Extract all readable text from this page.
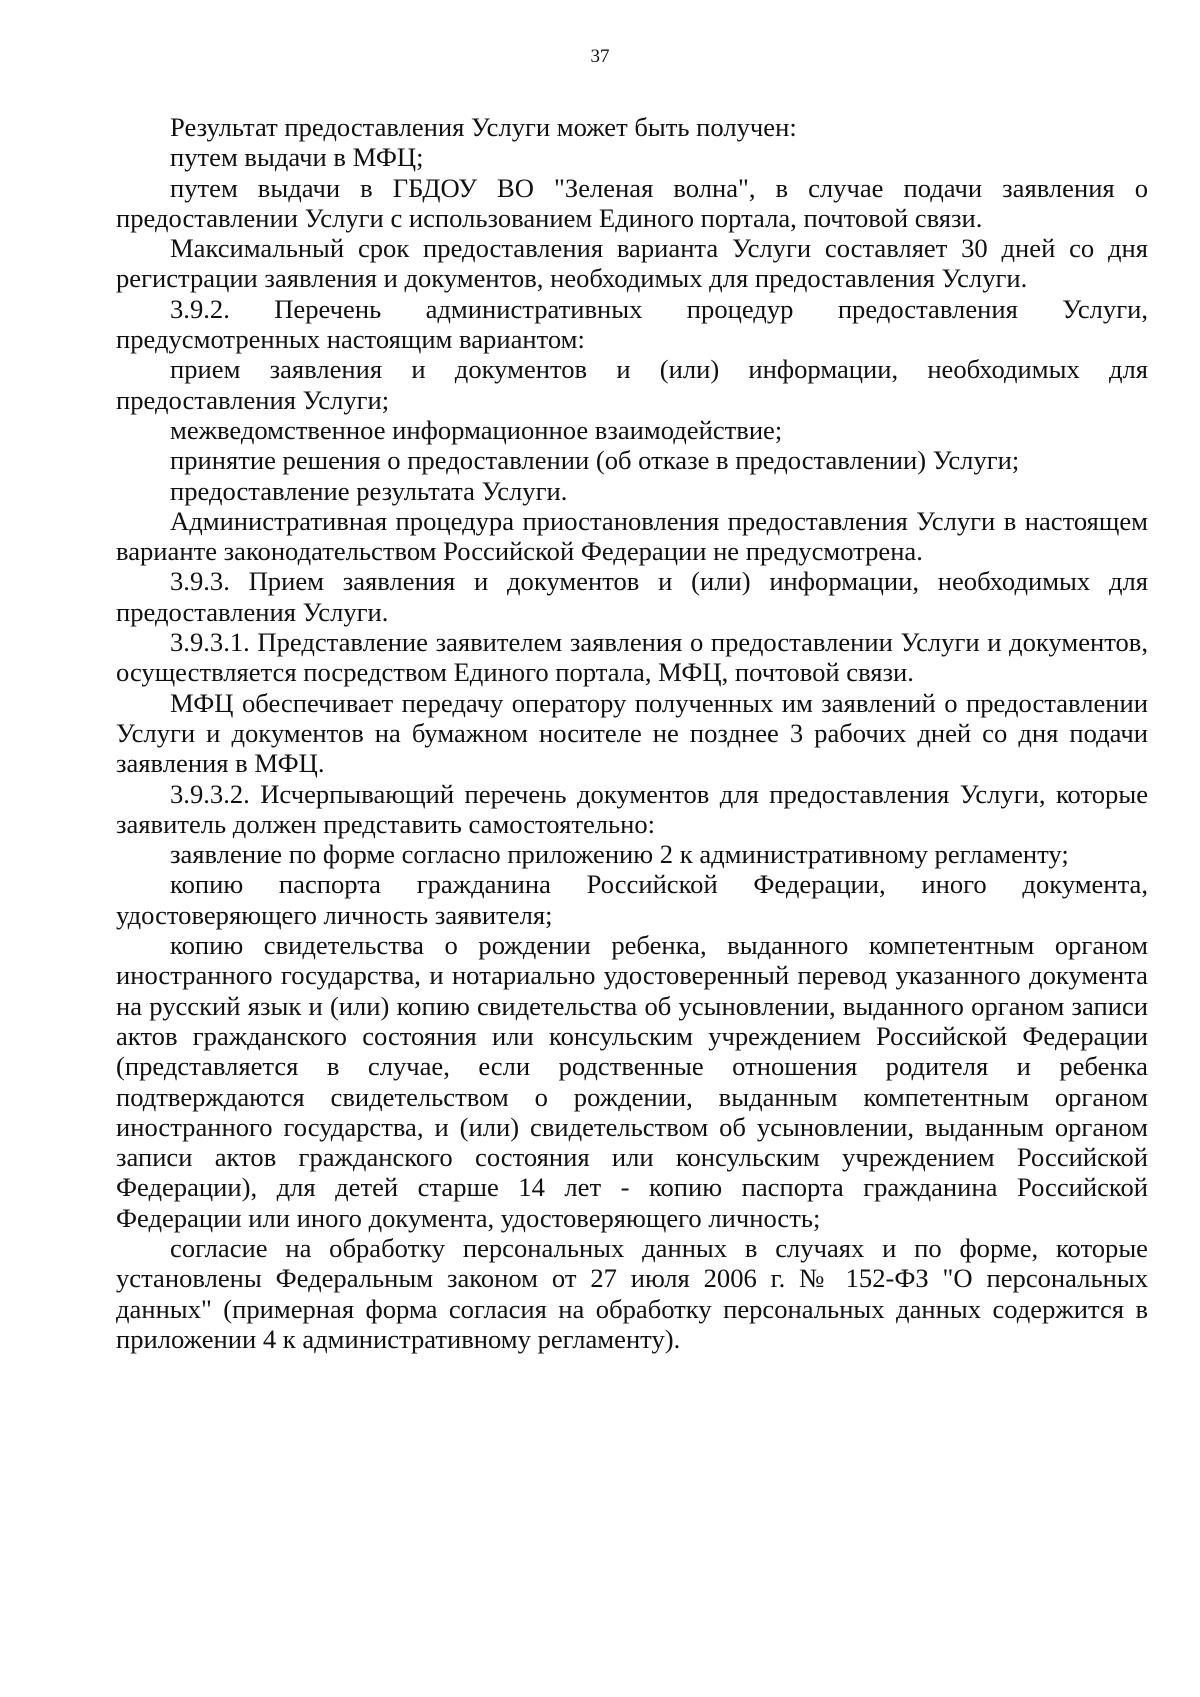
37

Результат предоставления Услуги может быть получен:

путем выдачи в МФЦ;

путем выдачи в ГБДОУ ВО "Зеленая волна", в случае подачи заявления о предоставлении Услуги с использованием Единого портала, почтовой связи.

Максимальный срок предоставления варианта Услуги составляет 30 дней со дня регистрации заявления и документов, необходимых для предоставления Услуги.

3.9.2. Перечень административных процедур предоставления Услуги, предусмотренных настоящим вариантом:

прием заявления и документов и (или) информации, необходимых для предоставления Услуги;

межведомственное информационное взаимодействие;

принятие решения о предоставлении (об отказе в предоставлении) Услуги;

предоставление результата Услуги.

Административная процедура приостановления предоставления Услуги в настоящем варианте законодательством Российской Федерации не предусмотрена.

3.9.3. Прием заявления и документов и (или) информации, необходимых для предоставления Услуги.

3.9.3.1. Представление заявителем заявления о предоставлении Услуги и документов, осуществляется посредством Единого портала, МФЦ, почтовой связи.

МФЦ обеспечивает передачу оператору полученных им заявлений о предоставлении Услуги и документов на бумажном носителе не позднее 3 рабочих дней со дня подачи заявления в МФЦ.

3.9.3.2. Исчерпывающий перечень документов для предоставления Услуги, которые заявитель должен представить самостоятельно:

заявление по форме согласно приложению 2 к административному регламенту;

копию паспорта гражданина Российской Федерации, иного документа, удостоверяющего личность заявителя;

копию свидетельства о рождении ребенка, выданного компетентным органом иностранного государства, и нотариально удостоверенный перевод указанного документа на русский язык и (или) копию свидетельства об усыновлении, выданного органом записи актов гражданского состояния или консульским учреждением Российской Федерации (представляется в случае, если родственные отношения родителя и ребенка подтверждаются свидетельством о рождении, выданным компетентным органом иностранного государства, и (или) свидетельством об усыновлении, выданным органом записи актов гражданского состояния или консульским учреждением Российской Федерации), для детей старше 14 лет - копию паспорта гражданина Российской Федерации или иного документа, удостоверяющего личность;

согласие на обработку персональных данных в случаях и по форме, которые установлены Федеральным законом от 27 июля 2006 г. № 152-ФЗ "О персональных данных" (примерная форма согласия на обработку персональных данных содержится в приложении 4 к административному регламенту).
